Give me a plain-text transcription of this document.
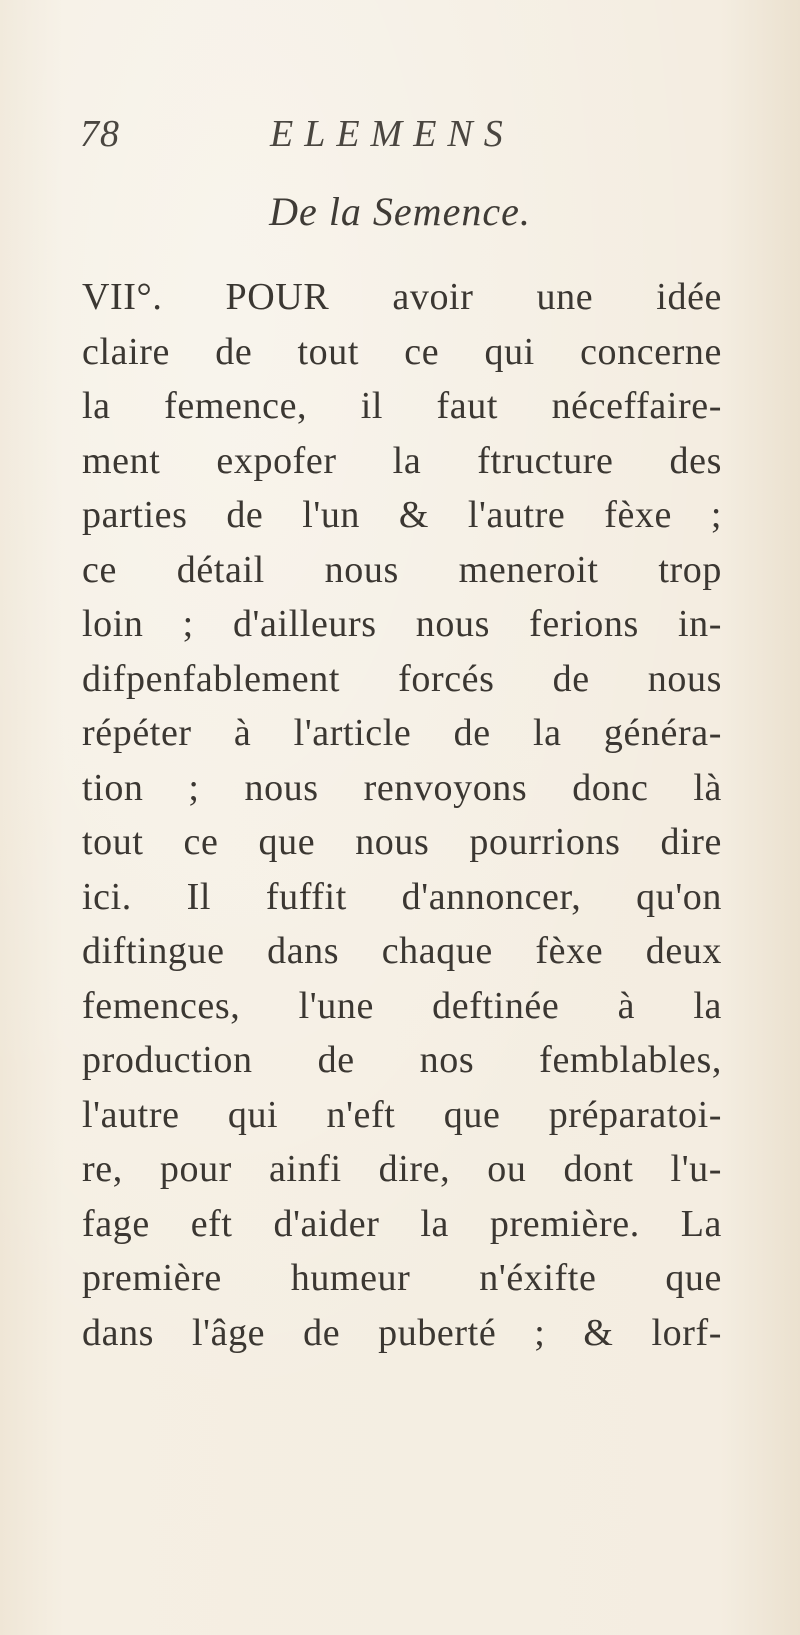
78	ELEMENS
De la Semence.
VII°. POUR avoir une idée
claire de tout ce qui concerne
la femence, il faut néceffaire-
ment expofer la ftructure des
parties de l'un & l'autre fèxe ;
ce détail nous meneroit trop
loin ; d'ailleurs nous ferions in-
difpenfablement forcés de nous
répéter à l'article de la généra-
tion ; nous renvoyons donc là
tout ce que nous pourrions dire
ici. Il fuffit d'annoncer, qu'on
diftingue dans chaque fèxe deux
femences, l'une deftinée à la
production de nos femblables,
l'autre qui n'eft que préparatoi-
re, pour ainfi dire, ou dont l'u-
fage eft d'aider la première. La
première humeur n'éxifte que
dans l'âge de puberté ; & lorf-
